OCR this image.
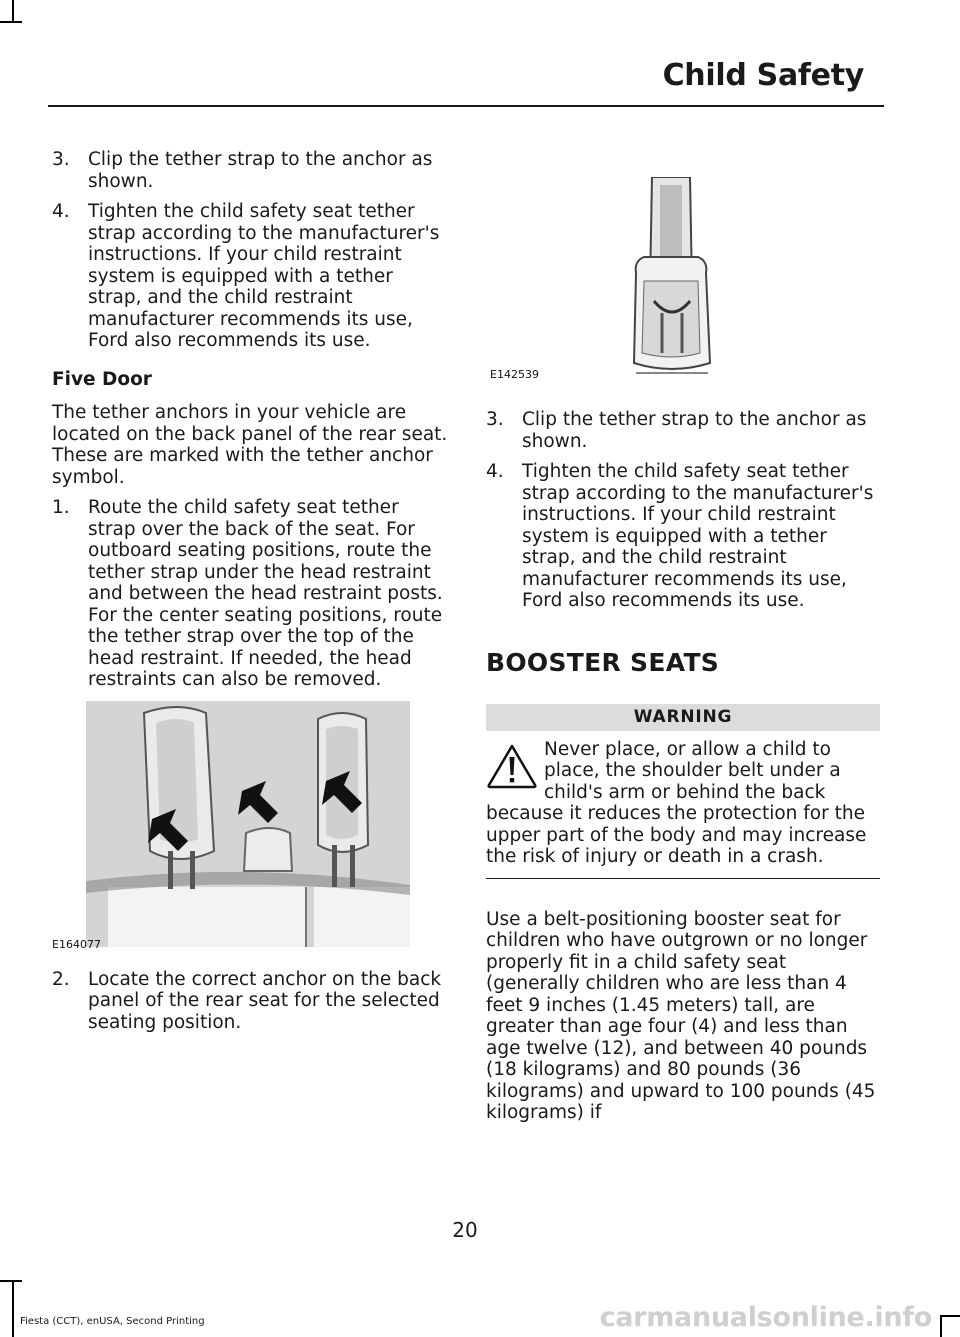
Child Safety
3. Clip the tether strap to the anchor as shown.
4. Tighten the child safety seat tether strap according to the manufacturer's instructions. If your child restraint system is equipped with a tether strap, and the child restraint manufacturer recommends its use, Ford also recommends its use.
Five Door
The tether anchors in your vehicle are located on the back panel of the rear seat. These are marked with the tether anchor symbol.
1. Route the child safety seat tether strap over the back of the seat. For outboard seating positions, route the tether strap under the head restraint and between the head restraint posts. For the center seating positions, route the tether strap over the top of the head restraint. If needed, the head restraints can also be removed.
E164077
2. Locate the correct anchor on the back panel of the rear seat for the selected seating position.
E142539
3. Clip the tether strap to the anchor as shown.
4. Tighten the child safety seat tether strap according to the manufacturer's instructions. If your child restraint system is equipped with a tether strap, and the child restraint manufacturer recommends its use, Ford also recommends its use.
BOOSTER SEATS
WARNING
Never place, or allow a child to place, the shoulder belt under a child's arm or behind the back because it reduces the protection for the upper part of the body and may increase the risk of injury or death in a crash.
Use a belt-positioning booster seat for children who have outgrown or no longer properly fit in a child safety seat (generally children who are less than 4 feet 9 inches (1.45 meters) tall, are greater than age four (4) and less than age twelve (12), and between 40 pounds (18 kilograms) and 80 pounds (36 kilograms) and upward to 100 pounds (45 kilograms) if
20
Fiesta (CCT), enUSA, Second Printing	carmanualsonline.info
